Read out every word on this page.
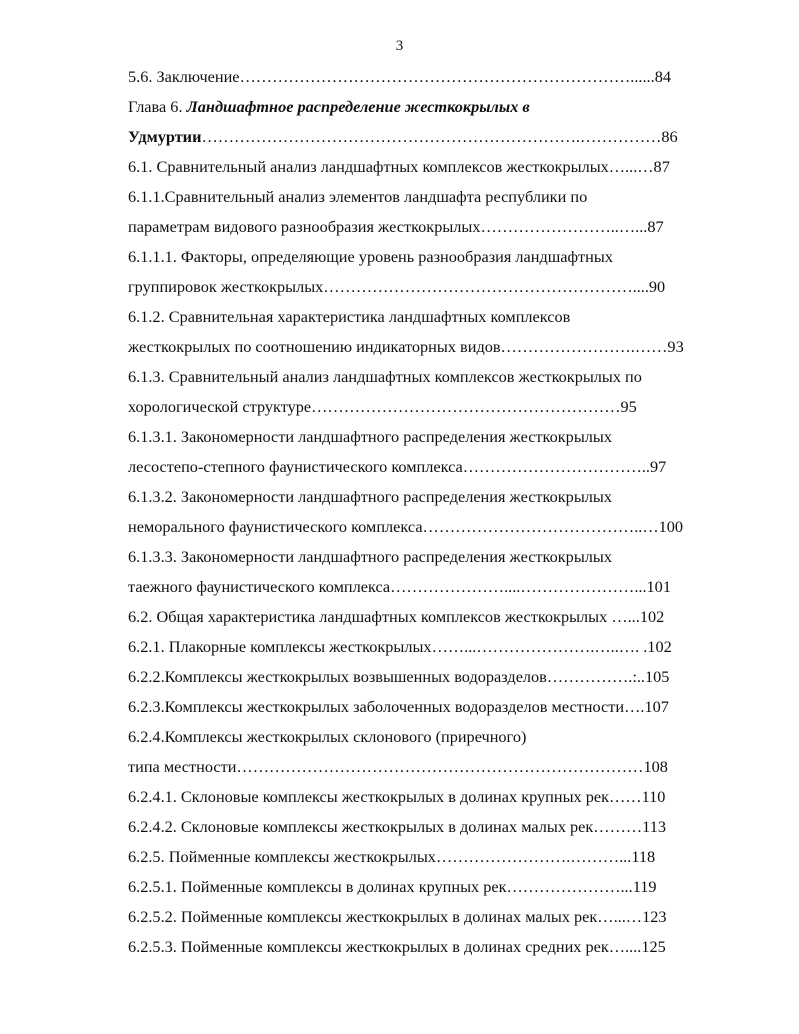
3
5.6. Заключение………………………………………………………………......84
Глава 6. Ландшафтное распределение жесткокрылых в
Удмуртии…………………………………………………………….……………86
6.1. Сравнительный анализ ландшафтных комплексов жесткокрылых…...…87
6.1.1.Сравнительный анализ элементов ландшафта республики по
параметрам видового разнообразия жесткокрылых……………………..…...87
6.1.1.1. Факторы, определяющие уровень разнообразия ландшафтных
группировок жесткокрылых…………………………………………………....90
6.1.2. Сравнительная характеристика ландшафтных комплексов
жесткокрылых по соотношению индикаторных видов…………………….……93
6.1.3. Сравнительный анализ ландшафтных комплексов жесткокрылых по
хорологической структуре…………………………………………………95
6.1.3.1. Закономерности ландшафтного распределения жесткокрылых
лесостепо-степного фаунистического комплекса……………………………..97
6.1.3.2. Закономерности ландшафтного распределения жесткокрылых
неморального фаунистического комплекса…………………………………..…100
6.1.3.3. Закономерности ландшафтного распределения жесткокрылых
таежного фаунистического комплекса…………………....…………………...101
6.2. Общая характеристика ландшафтных комплексов жесткокрылых …...102
6.2.1. Плакорные комплексы жесткокрылых……...………………….…..…. .102
6.2.2.Комплексы жесткокрылых возвышенных водоразделов…………….:..105
6.2.3.Комплексы жесткокрылых заболоченных водоразделов местности….107
6.2.4.Комплексы жесткокрылых склонового (приречного)
типа местности…………………………………………………………………108
6.2.4.1. Склоновые комплексы жесткокрылых в долинах крупных рек……110
6.2.4.2. Склоновые комплексы жесткокрылых в долинах малых рек………113
6.2.5. Пойменные комплексы жесткокрылых…………………….………...118
6.2.5.1. Пойменные комплексы в долинах крупных рек…………………...119
6.2.5.2. Пойменные комплексы жесткокрылых в долинах малых рек…...…123
6.2.5.3. Пойменные комплексы жесткокрылых в долинах средних рек…....125
